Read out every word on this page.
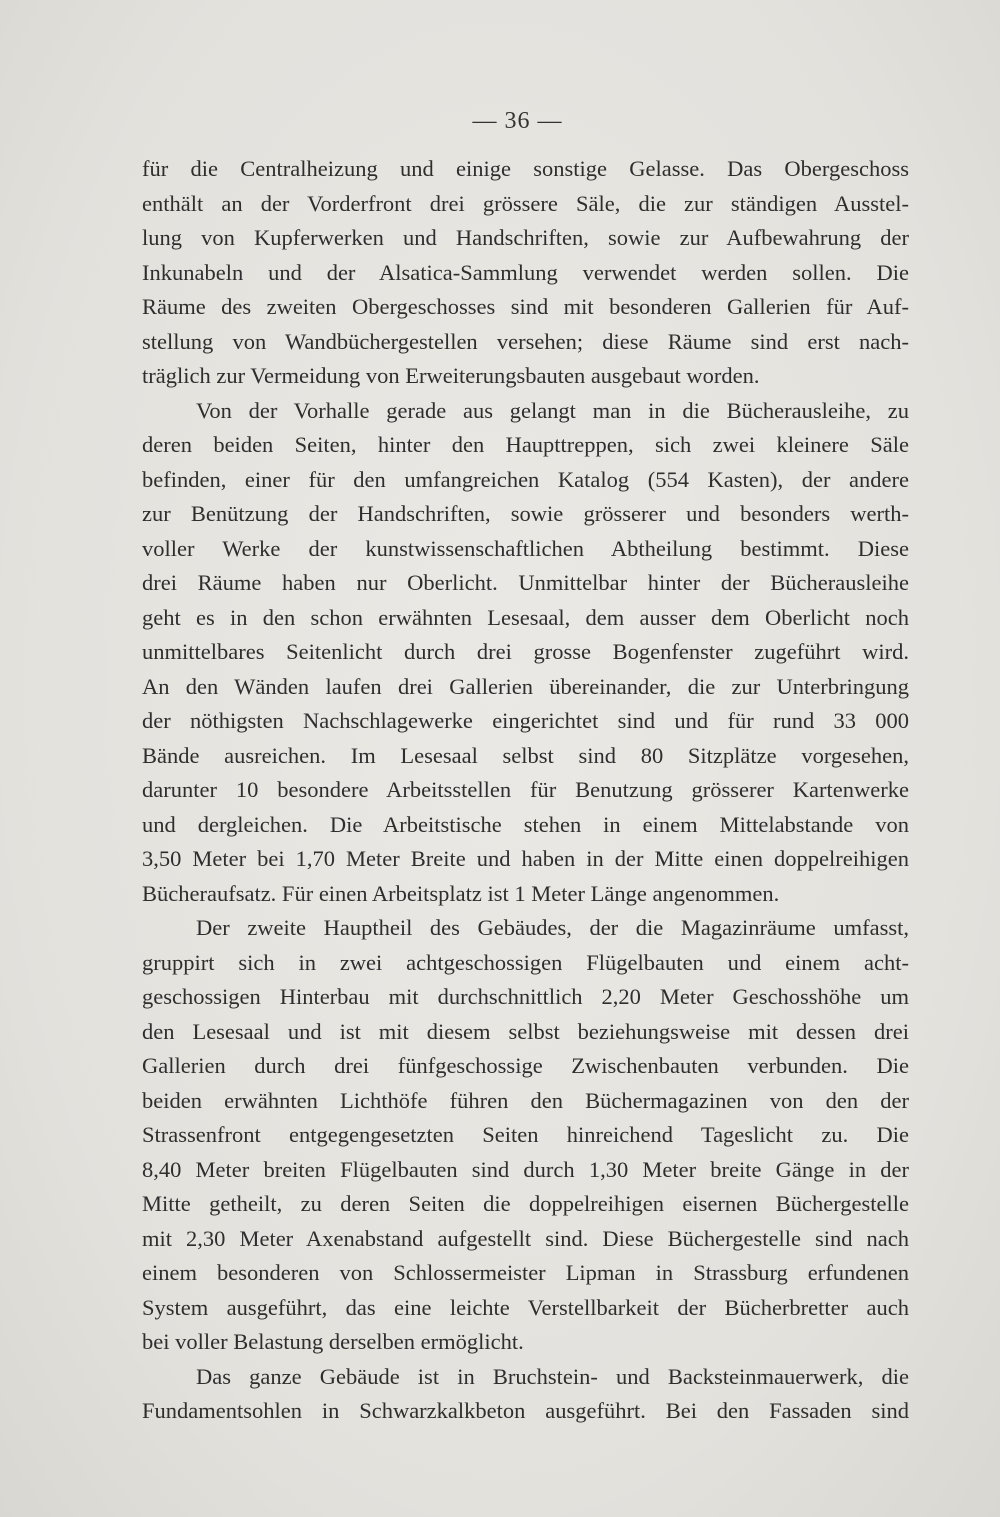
— 36 —
für die Centralheizung und einige sonstige Gelasse. Das Obergeschoss
enthält an der Vorderfront drei grössere Säle, die zur ständigen Ausstel-
lung von Kupferwerken und Handschriften, sowie zur Aufbewahrung der
Inkunabeln und der Alsatica-Sammlung verwendet werden sollen. Die
Räume des zweiten Obergeschosses sind mit besonderen Gallerien für Auf-
stellung von Wandbüchergestellen versehen; diese Räume sind erst nach-
träglich zur Vermeidung von Erweiterungsbauten ausgebaut worden.
Von der Vorhalle gerade aus gelangt man in die Bücherausleihe, zu
deren beiden Seiten, hinter den Haupttreppen, sich zwei kleinere Säle
befinden, einer für den umfangreichen Katalog (554 Kasten), der andere
zur Benützung der Handschriften, sowie grösserer und besonders werth-
voller Werke der kunstwissenschaftlichen Abtheilung bestimmt. Diese
drei Räume haben nur Oberlicht. Unmittelbar hinter der Bücherausleihe
geht es in den schon erwähnten Lesesaal, dem ausser dem Oberlicht noch
unmittelbares Seitenlicht durch drei grosse Bogenfenster zugeführt wird.
An den Wänden laufen drei Gallerien übereinander, die zur Unterbringung
der nöthigsten Nachschlagewerke eingerichtet sind und für rund 33 000
Bände ausreichen. Im Lesesaal selbst sind 80 Sitzplätze vorgesehen,
darunter 10 besondere Arbeitsstellen für Benutzung grösserer Kartenwerke
und dergleichen. Die Arbeitstische stehen in einem Mittelabstande von
3,50 Meter bei 1,70 Meter Breite und haben in der Mitte einen doppelreihigen
Bücheraufsatz. Für einen Arbeitsplatz ist 1 Meter Länge angenommen.
Der zweite Hauptheil des Gebäudes, der die Magazinräume umfasst,
gruppirt sich in zwei achtgeschossigen Flügelbauten und einem acht-
geschossigen Hinterbau mit durchschnittlich 2,20 Meter Geschosshöhe um
den Lesesaal und ist mit diesem selbst beziehungsweise mit dessen drei
Gallerien durch drei fünfgeschossige Zwischenbauten verbunden. Die
beiden erwähnten Lichthöfe führen den Büchermagazinen von den der
Strassenfront entgegengesetzten Seiten hinreichend Tageslicht zu. Die
8,40 Meter breiten Flügelbauten sind durch 1,30 Meter breite Gänge in der
Mitte getheilt, zu deren Seiten die doppelreihigen eisernen Büchergestelle
mit 2,30 Meter Axenabstand aufgestellt sind. Diese Büchergestelle sind nach
einem besonderen von Schlossermeister Lipman in Strassburg erfundenen
System ausgeführt, das eine leichte Verstellbarkeit der Bücherbretter auch
bei voller Belastung derselben ermöglicht.
Das ganze Gebäude ist in Bruchstein- und Backsteinmauerwerk, die
Fundamentsohlen in Schwarzkalkbeton ausgeführt. Bei den Fassaden sind
